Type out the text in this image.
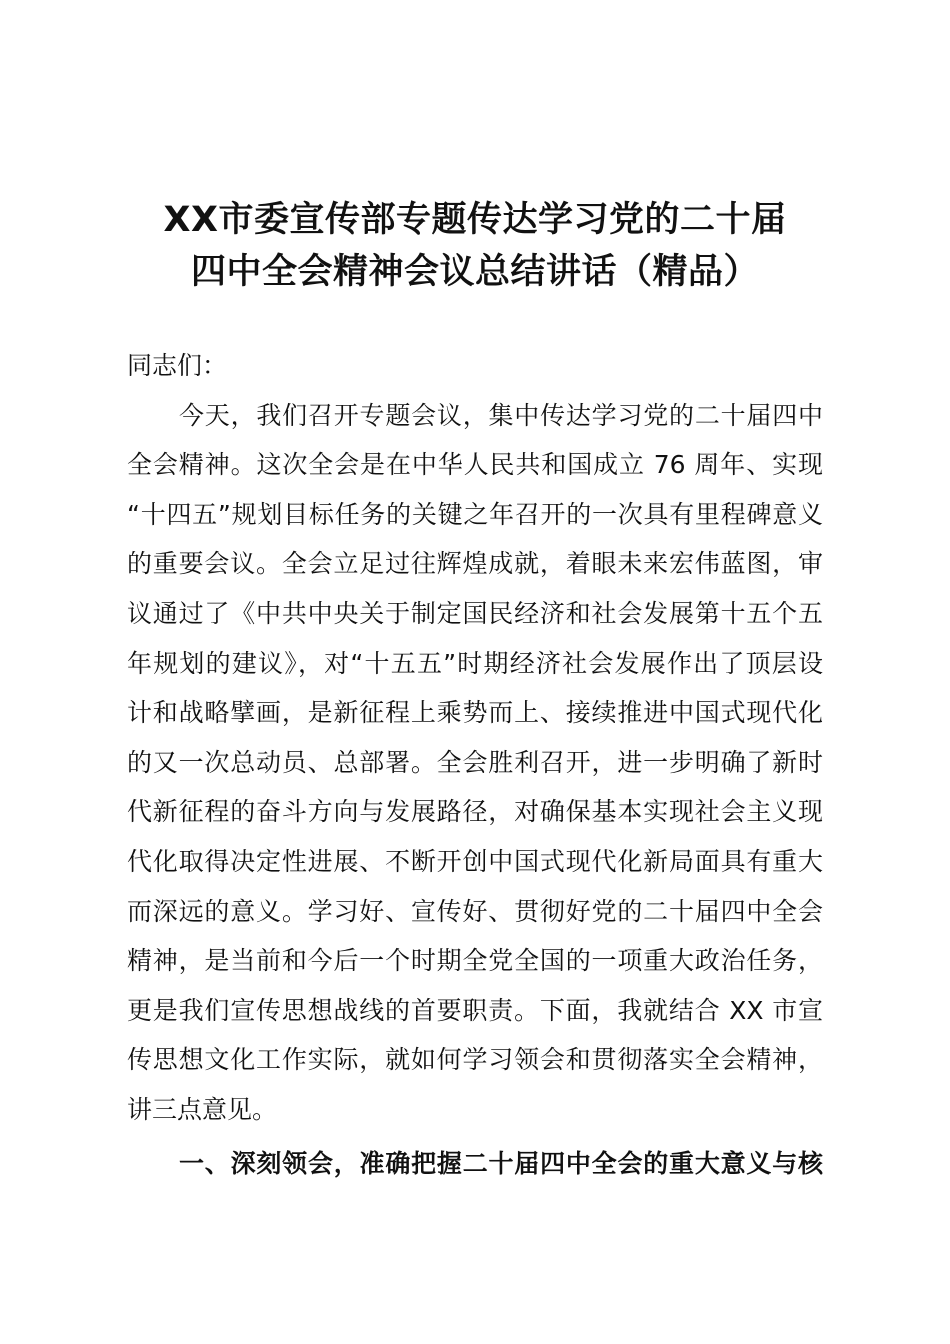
XX市委宣传部专题传达学习党的二十届
四中全会精神会议总结讲话（精品）
同志们：
今天，我们召开专题会议，集中传达学习党的二十届四中
全会精神。这次全会是在中华人民共和国成立 76 周年、实现
“十四五”规划目标任务的关键之年召开的一次具有里程碑意义
的重要会议。全会立足过往辉煌成就，着眼未来宏伟蓝图，审
议通过了《中共中央关于制定国民经济和社会发展第十五个五
年规划的建议》，对“十五五”时期经济社会发展作出了顶层设
计和战略擘画，是新征程上乘势而上、接续推进中国式现代化
的又一次总动员、总部署。全会胜利召开，进一步明确了新时
代新征程的奋斗方向与发展路径，对确保基本实现社会主义现
代化取得决定性进展、不断开创中国式现代化新局面具有重大
而深远的意义。学习好、宣传好、贯彻好党的二十届四中全会
精神，是当前和今后一个时期全党全国的一项重大政治任务，
更是我们宣传思想战线的首要职责。下面，我就结合 XX 市宣
传思想文化工作实际，就如何学习领会和贯彻落实全会精神，
讲三点意见。
一、深刻领会，准确把握二十届四中全会的重大意义与核
